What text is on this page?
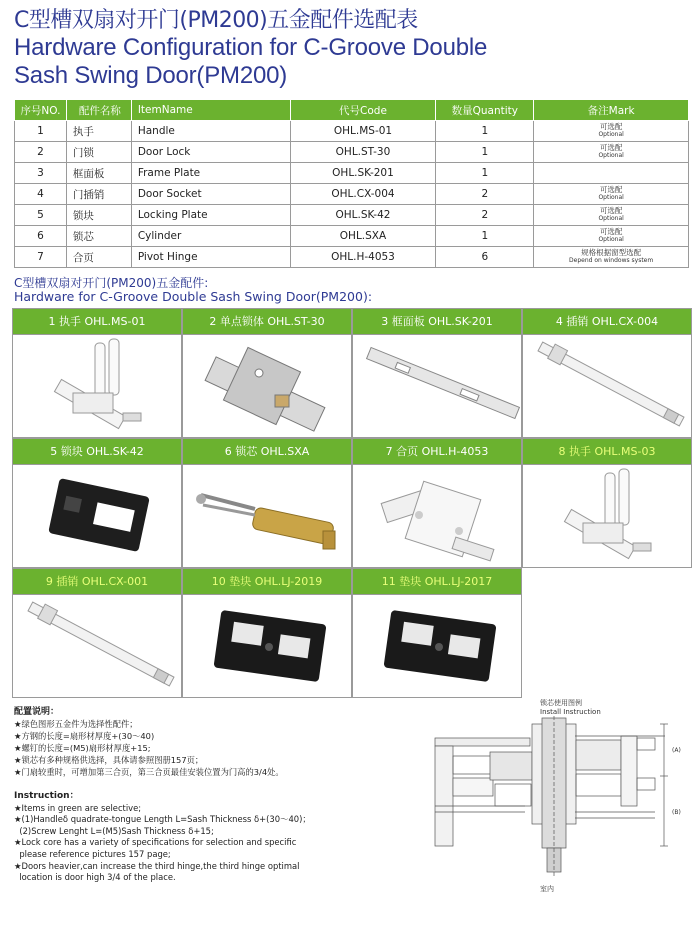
C型槽双扇对开门(PM200)五金配件选配表
Hardware Configuration for C-Groove Double
Sash Swing Door(PM200)
序号NO.	配件名称	ItemName	代号Code	数量Quantity	备注Mark
1	执手	Handle	OHL.MS-01	1	可选配
Optional

2	门锁	Door Lock	OHL.ST-30	1	可选配
Optional

3	框面板	Frame Plate	OHL.SK-201	1	

4	门插销	Door Socket	OHL.CX-004	2	可选配
Optional

5	锁块	Locking Plate	OHL.SK-42	2	可选配
Optional

6	锁芯	Cylinder	OHL.SXA	1	可选配
Optional

7	合页	Pivot Hinge	OHL.H-4053	6	规格根据窗型选配
Depend on windows system
C型槽双扇对开门(PM200)五金配件:
Hardware for C-Groove Double Sash Swing Door(PM200):
1 执手 OHL.MS-01	2 单点锁体 OHL.ST-30	3 框面板 OHL.SK-201	4 插销 OHL.CX-004
5 锁块 OHL.SK-42	6 锁芯 OHL.SXA	7 合页 OHL.H-4053	8 执手 OHL.MS-03
9 插销 OHL.CX-001	10 垫块 OHL.LJ-2019	11 垫块 OHL.LJ-2017
配置说明：
★绿色图形五金件为选择性配件；
★方钢的长度=扇形材厚度+(30～40)
★螺钉的长度=(M5)扇形材厚度+15;
★锁芯有多种规格供选择，具体请参照图册157页；
★门扇较重时，可增加第三合页，第三合页最佳安装位置为门高的3/4处。
Instruction：
★Items in green are selective;
★(1)Handleδ quadrate-tongue Length L=Sash Thickness δ+(30～40)；
(2)Screw Lenght L=(M5)Sash Thickness δ+15;
★Lock core has a variety of specifications for selection and specific
please reference pictures 157 page;
★Doors heavier,can increase the third hinge,the third hinge optimal
location is door high 3/4 of the place.
锁芯使用图例
Install Instruction
(A)
(B)
室内
